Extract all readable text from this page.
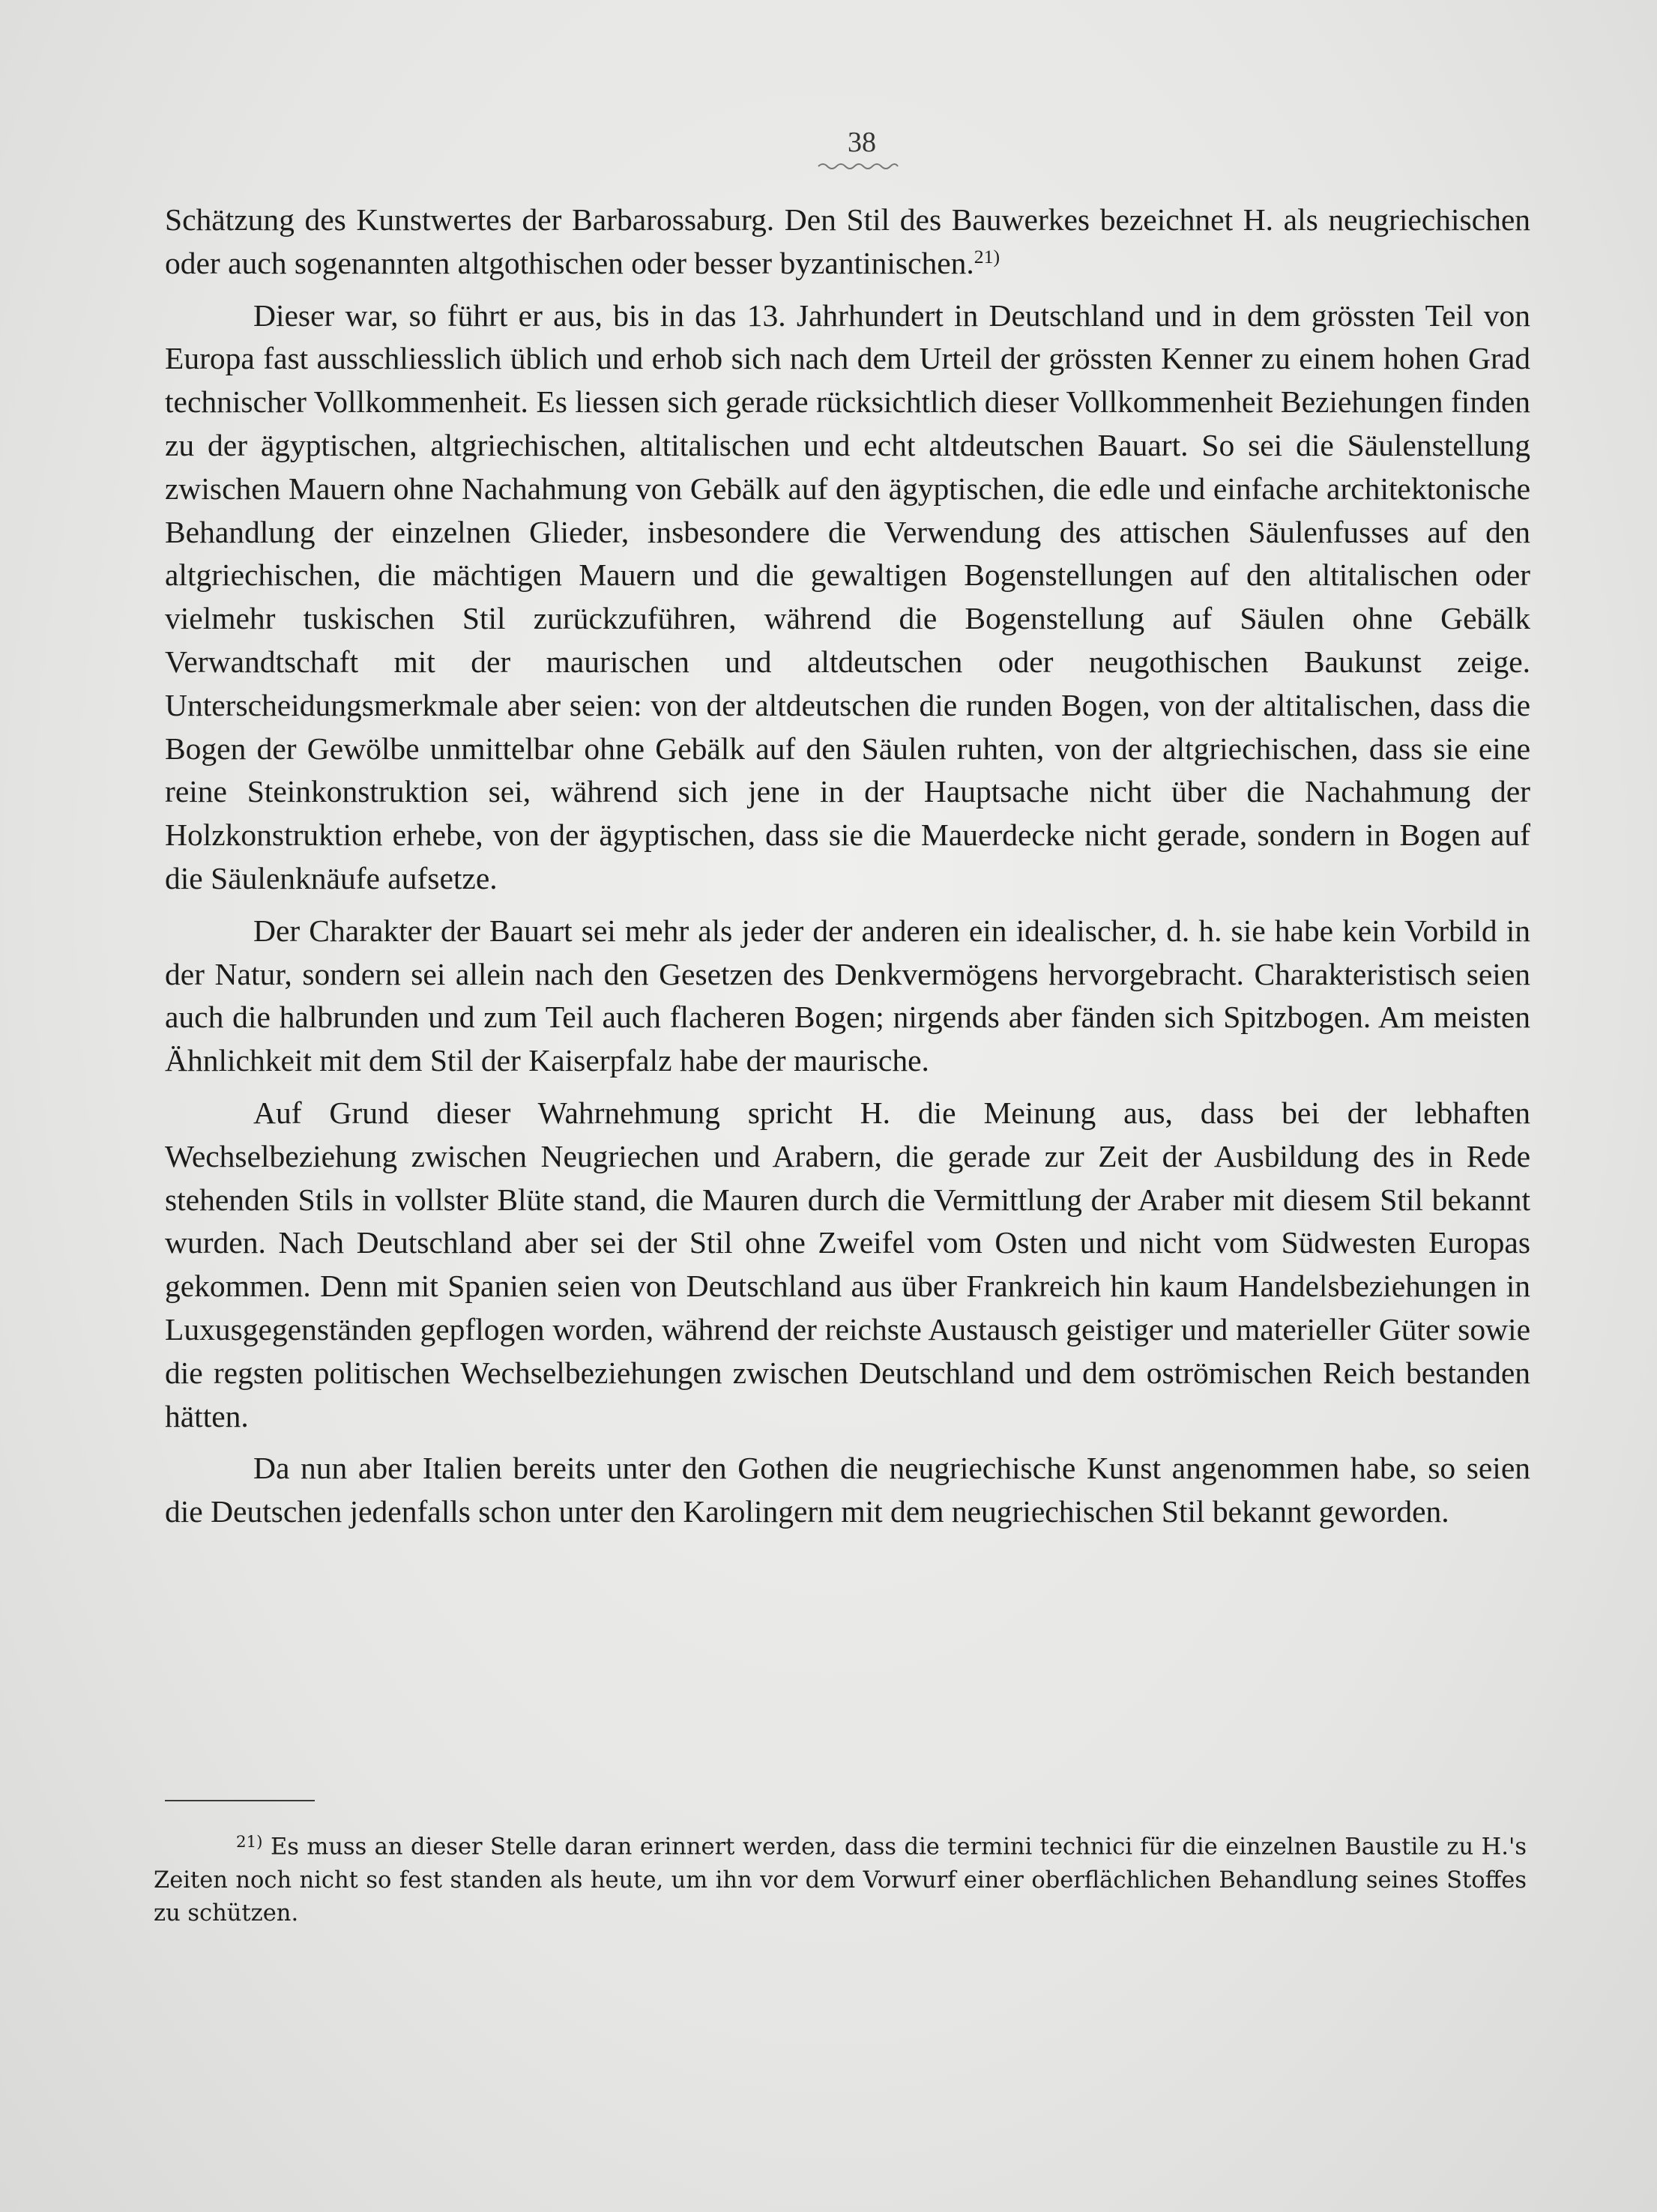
38

Schätzung des Kunstwertes der Barbarossaburg. Den Stil des Bauwerkes bezeichnet H. als neugriechischen oder auch sogenannten altgothischen oder besser byzantinischen.$^{21)}$

Dieser war, so führt er aus, bis in das 13. Jahrhundert in Deutschland und in dem grössten Teil von Europa fast ausschliesslich üblich und erhob sich nach dem Urteil der grössten Kenner zu einem hohen Grad technischer Vollkommenheit. Es liessen sich gerade rücksichtlich dieser Vollkommenheit Beziehungen finden zu der ägyptischen, altgriechischen, altitalischen und echt altdeutschen Bauart. So sei die Säulenstellung zwischen Mauern ohne Nachahmung von Gebälk auf den ägyptischen, die edle und einfache architektonische Behandlung der einzelnen Glieder, insbesondere die Verwendung des attischen Säulenfusses auf den altgriechischen, die mächtigen Mauern und die gewaltigen Bogenstellungen auf den altitalischen oder vielmehr tuskischen Stil zurückzuführen, während die Bogenstellung auf Säulen ohne Gebälk Verwandtschaft mit der maurischen und altdeutschen oder neugothischen Baukunst zeige. Unterscheidungsmerkmale aber seien: von der altdeutschen die runden Bogen, von der altitalischen, dass die Bogen der Gewölbe unmittelbar ohne Gebälk auf den Säulen ruhten, von der altgriechischen, dass sie eine reine Steinkonstruktion sei, während sich jene in der Hauptsache nicht über die Nachahmung der Holzkonstruktion erhebe, von der ägyptischen, dass sie die Mauerdecke nicht gerade, sondern in Bogen auf die Säulenknäufe aufsetze.

Der Charakter der Bauart sei mehr als jeder der anderen ein idealischer, d. h. sie habe kein Vorbild in der Natur, sondern sei allein nach den Gesetzen des Denkvermögens hervorgebracht. Charakteristisch seien auch die halbrunden und zum Teil auch flacheren Bogen; nirgends aber fänden sich Spitzbogen. Am meisten Ähnlichkeit mit dem Stil der Kaiserpfalz habe der maurische.

Auf Grund dieser Wahrnehmung spricht H. die Meinung aus, dass bei der lebhaften Wechselbeziehung zwischen Neugriechen und Arabern, die gerade zur Zeit der Ausbildung des in Rede stehenden Stils in vollster Blüte stand, die Mauren durch die Vermittlung der Araber mit diesem Stil bekannt wurden. Nach Deutschland aber sei der Stil ohne Zweifel vom Osten und nicht vom Südwesten Europas gekommen. Denn mit Spanien seien von Deutschland aus über Frankreich hin kaum Handelsbeziehungen in Luxusgegenständen gepflogen worden, während der reichste Austausch geistiger und materieller Güter sowie die regsten politischen Wechselbeziehungen zwischen Deutschland und dem oströmischen Reich bestanden hätten.

Da nun aber Italien bereits unter den Gothen die neugriechische Kunst angenommen habe, so seien die Deutschen jedenfalls schon unter den Karolingern mit dem neugriechischen Stil bekannt geworden.

$^{21)}$ Es muss an dieser Stelle daran erinnert werden, dass die termini technici für die einzelnen Baustile zu H.'s Zeiten noch nicht so fest standen als heute, um ihn vor dem Vorwurf einer oberflächlichen Behandlung seines Stoffes zu schützen.
